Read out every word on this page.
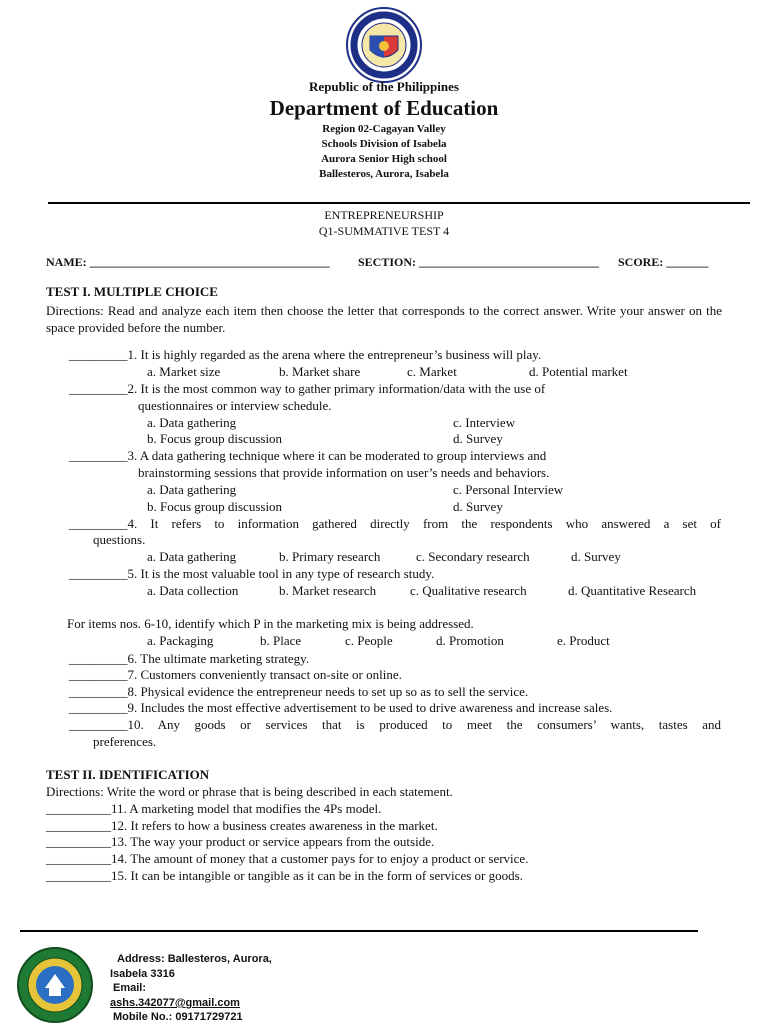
Republic of the Philippines
Department of Education
Region 02-Cagayan Valley
Schools Division of Isabela
Aurora Senior High school
Ballesteros, Aurora, Isabela
ENTREPRENEURSHIP
Q1-SUMMATIVE TEST 4
NAME: ________________________________________ SECTION: ______________________________ SCORE: _______
TEST I. MULTIPLE CHOICE
Directions: Read and analyze each item then choose the letter that corresponds to the correct answer. Write your answer on the space provided before the number.
_________1. It is highly regarded as the arena where the entrepreneur’s business will play.
a. Market size	b. Market share	c. Market	d. Potential market
_________2. It is the most common way to gather primary information/data with the use of
questionnaires or interview schedule.
a. Data gathering	c. Interview
b. Focus group discussion	d. Survey
_________3. A data gathering technique where it can be moderated to group interviews and
brainstorming sessions that provide information on user’s needs and behaviors.
a. Data gathering	c. Personal Interview
b. Focus group discussion	d. Survey
_________4. It refers to information gathered directly from the respondents who answered a set of
questions.
a. Data gathering	b. Primary research	c. Secondary research	d. Survey
_________5. It is the most valuable tool in any type of research study.
a. Data collection	b. Market research	c. Qualitative research	d. Quantitative Research
For items nos. 6-10, identify which P in the marketing mix is being addressed.
a. Packaging	b. Place	c. People	d. Promotion	e. Product
_________6. The ultimate marketing strategy.
_________7. Customers conveniently transact on-site or online.
_________8. Physical evidence the entrepreneur needs to set up so as to sell the service.
_________9. Includes the most effective advertisement to be used to drive awareness and increase sales.
_________10. Any goods or services that is produced to meet the consumers’ wants, tastes and
preferences.
TEST II. IDENTIFICATION
Directions: Write the word or phrase that is being described in each statement.
__________11. A marketing model that modifies the 4Ps model.
__________12. It refers to how a business creates awareness in the market.
__________13. The way your product or service appears from the outside.
__________14. The amount of money that a customer pays for to enjoy a product or service.
__________15. It can be intangible or tangible as it can be in the form of services or goods.
Address: Ballesteros, Aurora,
Isabela 3316
Email:
ashs.342077@gmail.com
Mobile No.: 09171729721
